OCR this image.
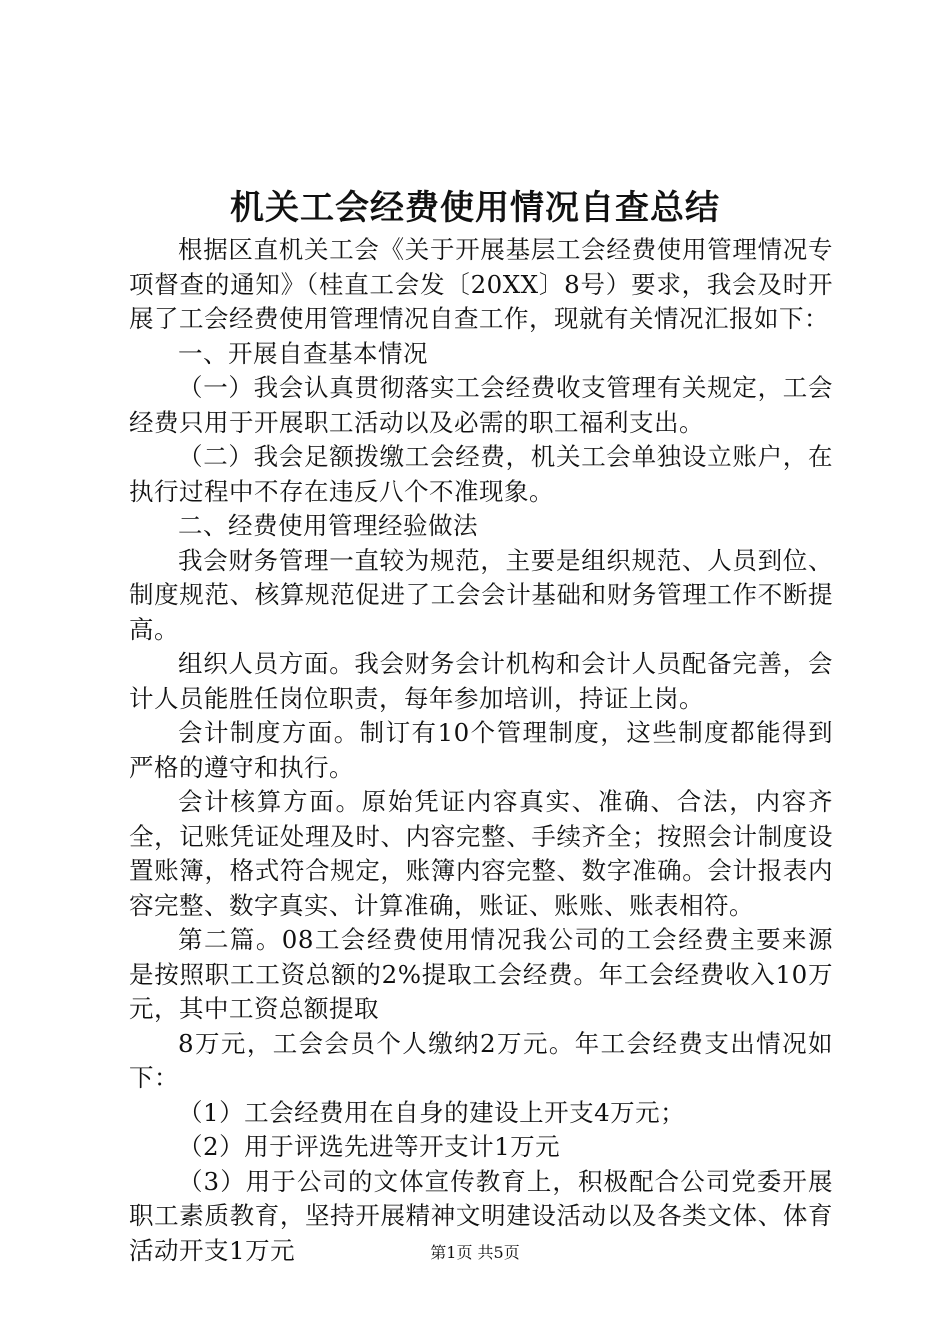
机关工会经费使用情况自查总结

根据区直机关工会《关于开展基层工会经费使用管理情况专项督查的通知》（桂直工会发〔20XX〕8号）要求，我会及时开展了工会经费使用管理情况自查工作，现就有关情况汇报如下：

一、开展自查基本情况

（一）我会认真贯彻落实工会经费收支管理有关规定，工会经费只用于开展职工活动以及必需的职工福利支出。

（二）我会足额拨缴工会经费，机关工会单独设立账户，在执行过程中不存在违反八个不准现象。

二、经费使用管理经验做法

我会财务管理一直较为规范，主要是组织规范、人员到位、制度规范、核算规范促进了工会会计基础和财务管理工作不断提高。

组织人员方面。我会财务会计机构和会计人员配备完善，会计人员能胜任岗位职责，每年参加培训，持证上岗。

会计制度方面。制订有10个管理制度，这些制度都能得到严格的遵守和执行。

会计核算方面。原始凭证内容真实、准确、合法，内容齐全，记账凭证处理及时、内容完整、手续齐全；按照会计制度设置账簿，格式符合规定，账簿内容完整、数字准确。会计报表内容完整、数字真实、计算准确，账证、账账、账表相符。

第二篇。08工会经费使用情况我公司的工会经费主要来源是按照职工工资总额的2%提取工会经费。年工会经费收入10万元，其中工资总额提取

8万元，工会会员个人缴纳2万元。年工会经费支出情况如下：

（1）工会经费用在自身的建设上开支4万元；

（2）用于评选先进等开支计1万元

（3）用于公司的文体宣传教育上，积极配合公司党委开展职工素质教育，坚持开展精神文明建设活动以及各类文体、体育活动开支1万元	第1页 共5页
